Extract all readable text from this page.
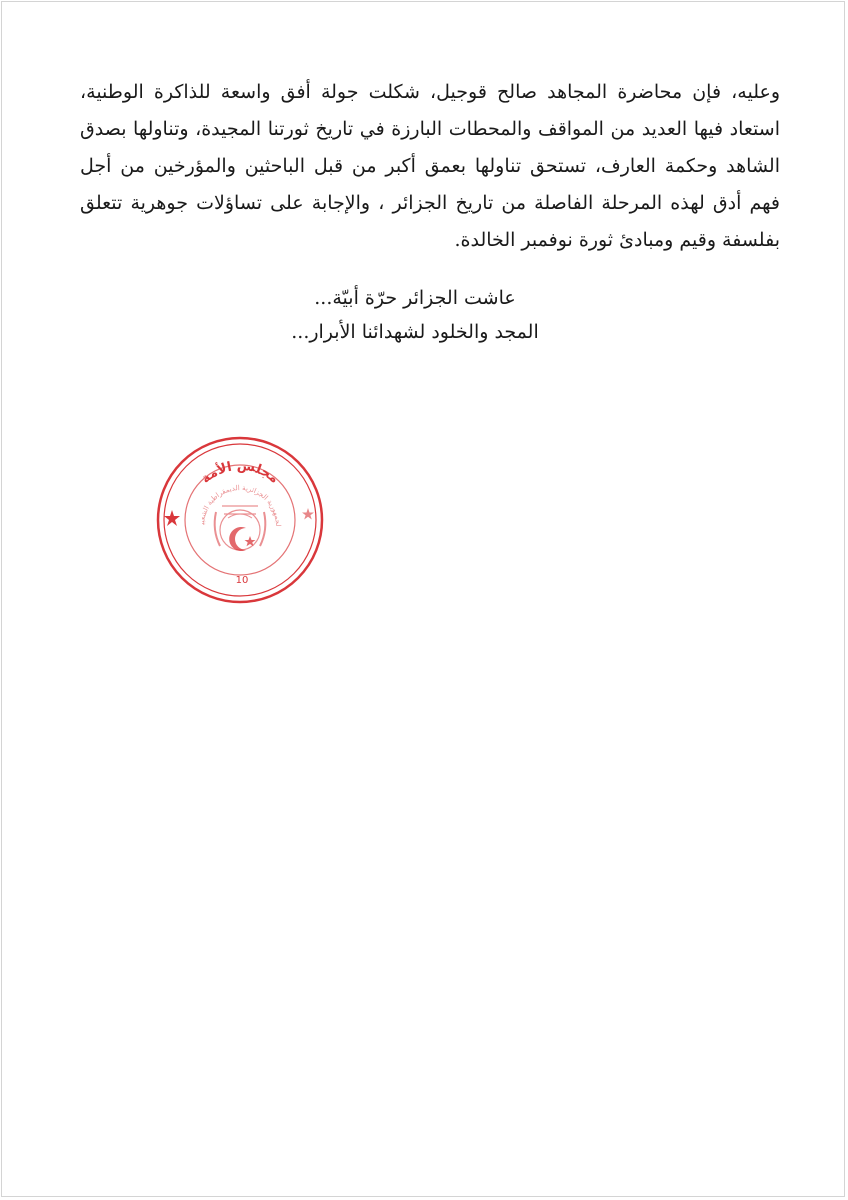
وعليه، فإن محاضرة المجاهد صالح قوجيل، شكلت جولة أفق واسعة للذاكرة الوطنية، استعاد فيها العديد من المواقف والمحطات البارزة في تاريخ ثورتنا المجيدة، وتناولها بصدق الشاهد وحكمة العارف، تستحق تناولها بعمق أكبر من قبل الباحثين والمؤرخين من أجل فهم أدق لهذه المرحلة الفاصلة من تاريخ الجزائر ، والإجابة على تساؤلات جوهرية تتعلق بفلسفة وقيم ومبادئ ثورة نوفمبر الخالدة.

عاشت الجزائر حرّة أبيّة...
المجد والخلود لشهدائنا الأبرار...
مجلس الأمة
لجمهورية الجزائرية الديمقراطية الشعبي
10
